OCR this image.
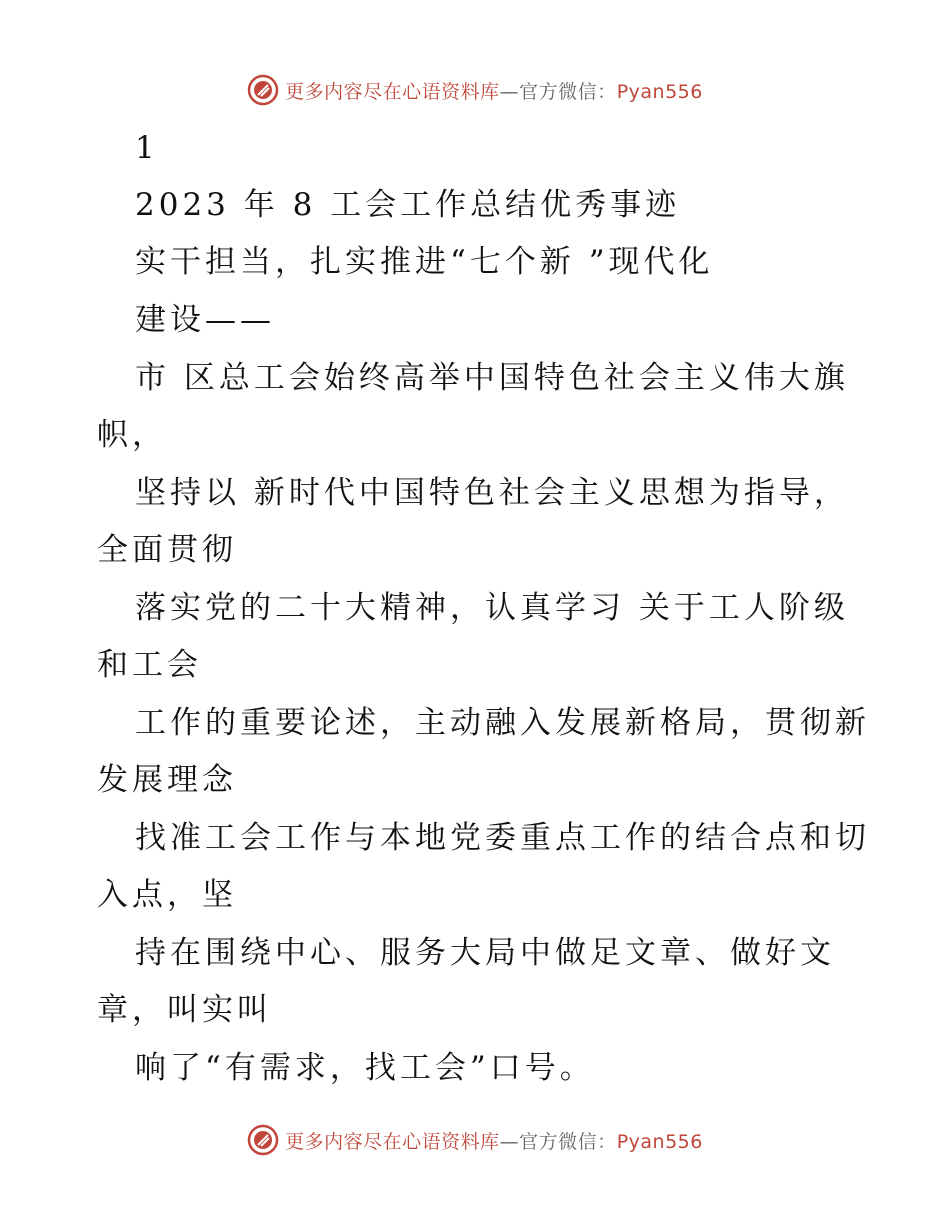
更多内容尽在心语资料库—官方微信：Pyan556
1
2023 年 8 工会工作总结优秀事迹
实干担当，扎实推进“七个新 ”现代化
建设——
市 区总工会始终高举中国特色社会主义伟大旗
帜，
坚持以 新时代中国特色社会主义思想为指导，
全面贯彻
落实党的二十大精神，认真学习 关于工人阶级
和工会
工作的重要论述，主动融入发展新格局，贯彻新
发展理念
找准工会工作与本地党委重点工作的结合点和切
入点，坚
持在围绕中心、服务大局中做足文章、做好文
章，叫实叫
响了“有需求，找工会”口号。
更多内容尽在心语资料库—官方微信：Pyan556
